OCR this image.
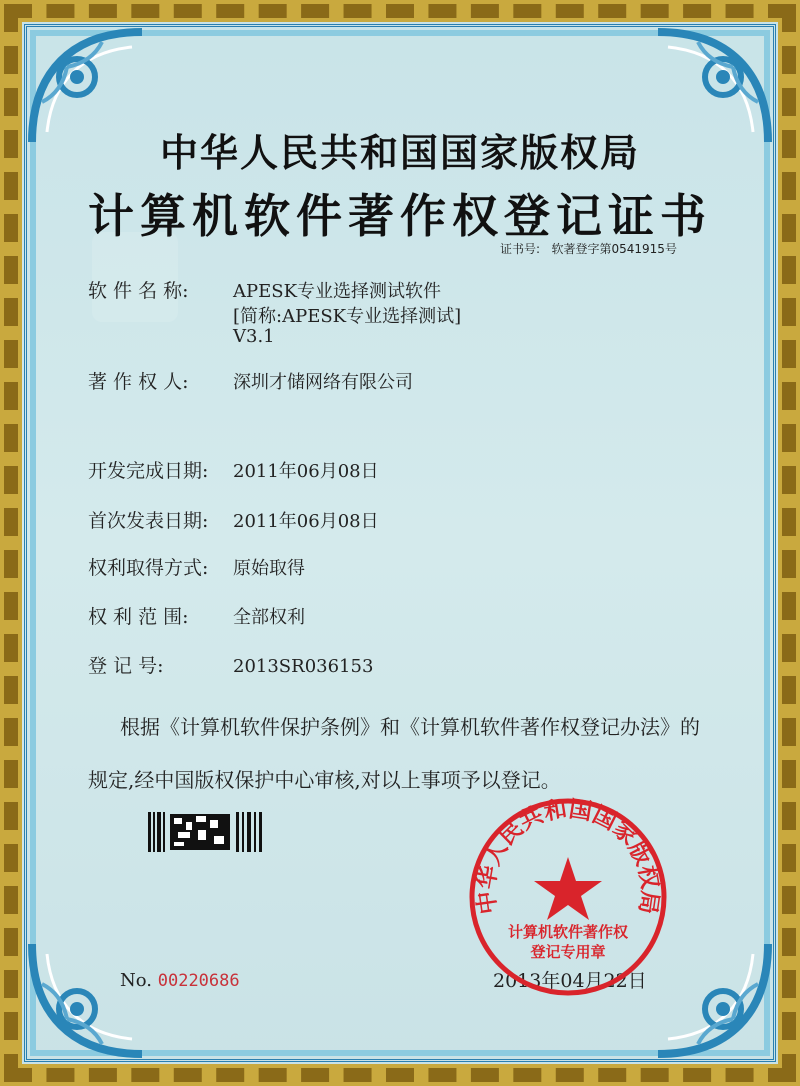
中华人民共和国国家版权局
计算机软件著作权登记证书
证书号: 软著登字第0541915号
软 件 名 称: APESK专业选择测试软件
[简称:APESK专业选择测试]
V3.1
著 作 权 人: 深圳才储网络有限公司
开发完成日期: 2011年06月08日
首次发表日期: 2011年06月08日
权利取得方式: 原始取得
权 利 范 围: 全部权利
登 记 号:	2013SR036153
根据《计算机软件保护条例》和《计算机软件著作权登记办法》的
规定,经中国版权保护中心审核,对以上事项予以登记。
No. 00220686	2013年04月22日
中华人民共和国国家版权局
计算机软件著作权
登记专用章
